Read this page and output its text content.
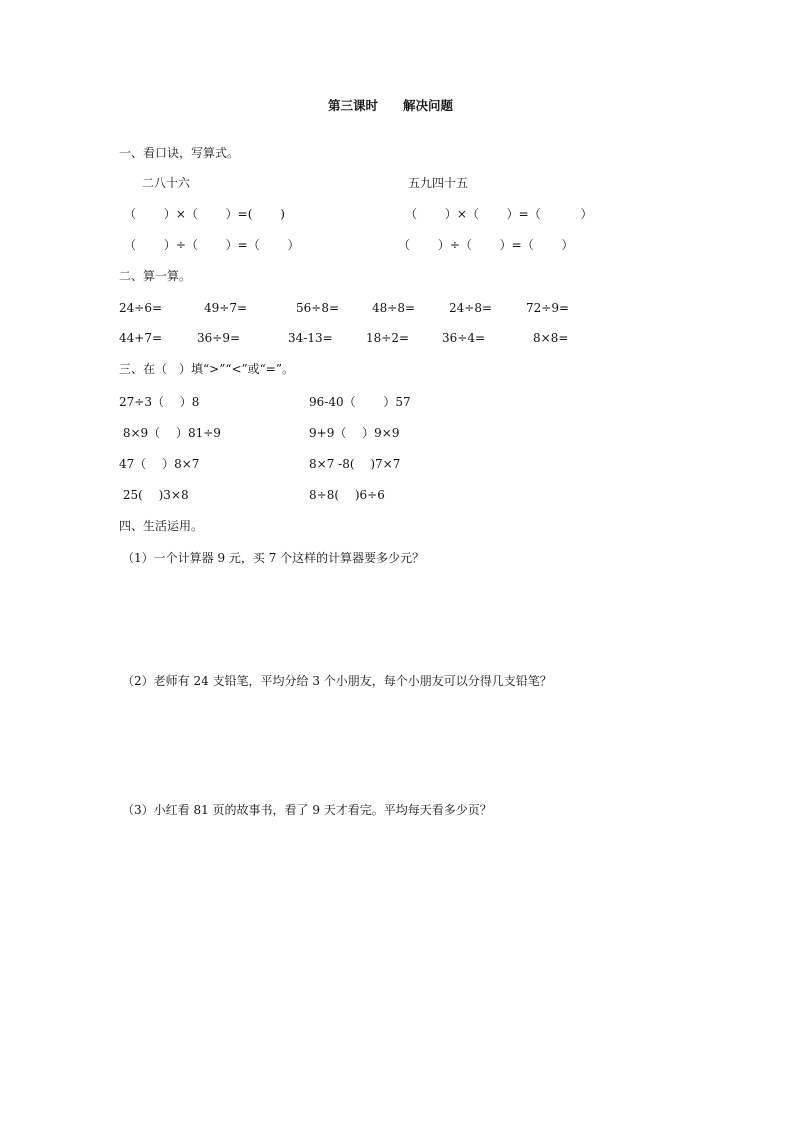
第三课时　　解决问题
一、看口诀，写算式。
二八十六	五九四十五
（　　 ）×（　　 ）=(　　 )	（　　 ）×（　　 ）=（　　　 ）
（　　 ）÷（　　 ）=（　　 ）	（　　 ）÷（　　 ）=（　　 ）
二、算一算。
24÷6=	49÷7=	56÷8=	48÷8=	24÷8=	72÷9=
44+7=	36÷9=	34-13=	18÷2=	36÷4=	8×8=
三、在（　）填“>”“<”或“=”。
27÷3（　 ）8	96-40（　　 ）57
8×9（　 ）81÷9	9+9（　 ）9×9
47（　 ）8×7	8×7 -8(　 )7×7
25(　 )3×8	8÷8(　 )6÷6
四、生活运用。
（1）一个计算器 9 元，买 7 个这样的计算器要多少元？
（2）老师有 24 支铅笔，平均分给 3 个小朋友，每个小朋友可以分得几支铅笔？
（3）小红看 81 页的故事书，看了 9 天才看完。平均每天看多少页？
